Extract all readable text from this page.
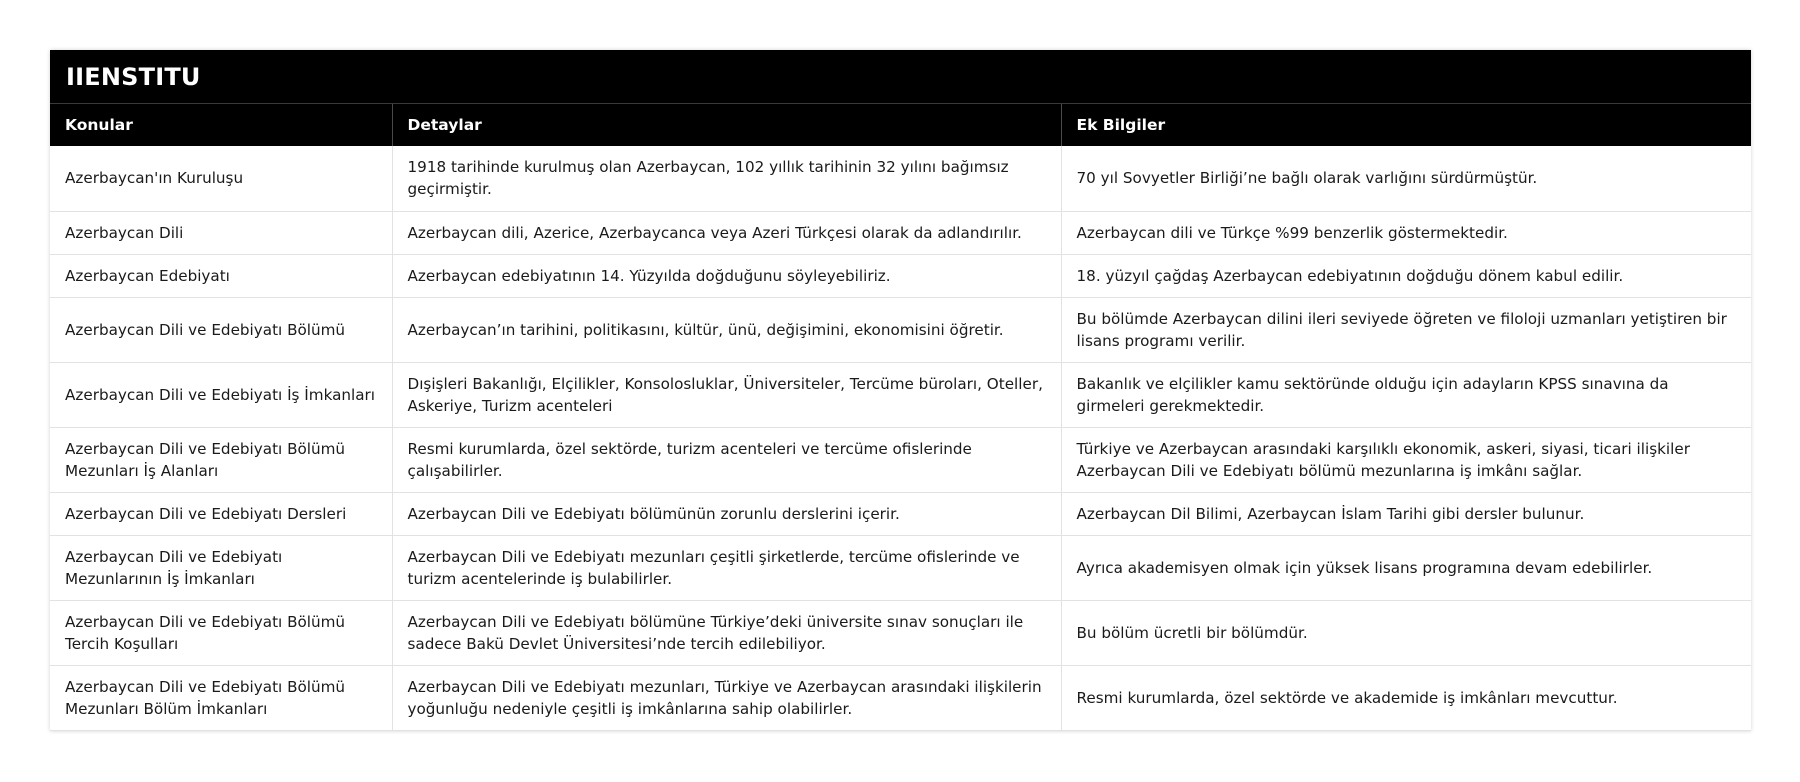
IIENSTITU
Konular	Detaylar	Ek Bilgiler
Azerbaycan'ın Kuruluşu	1918 tarihinde kurulmuş olan Azerbaycan, 102 yıllık tarihinin 32 yılını bağımsız geçirmiştir.	70 yıl Sovyetler Birliği’ne bağlı olarak varlığını sürdürmüştür.
Azerbaycan Dili	Azerbaycan dili, Azerice, Azerbaycanca veya Azeri Türkçesi olarak da adlandırılır.	Azerbaycan dili ve Türkçe %99 benzerlik göstermektedir.
Azerbaycan Edebiyatı	Azerbaycan edebiyatının 14. Yüzyılda doğduğunu söyleyebiliriz.	18. yüzyıl çağdaş Azerbaycan edebiyatının doğduğu dönem kabul edilir.
Azerbaycan Dili ve Edebiyatı Bölümü	Azerbaycan’ın tarihini, politikasını, kültür, ünü, değişimini, ekonomisini öğretir.	Bu bölümde Azerbaycan dilini ileri seviyede öğreten ve filoloji uzmanları yetiştiren bir lisans programı verilir.
Azerbaycan Dili ve Edebiyatı İş İmkanları	Dışişleri Bakanlığı, Elçilikler, Konsolosluklar, Üniversiteler, Tercüme büroları, Oteller, Askeriye, Turizm acenteleri	Bakanlık ve elçilikler kamu sektöründe olduğu için adayların KPSS sınavına da girmeleri gerekmektedir.
Azerbaycan Dili ve Edebiyatı Bölümü Mezunları İş Alanları	Resmi kurumlarda, özel sektörde, turizm acenteleri ve tercüme ofislerinde çalışabilirler.	Türkiye ve Azerbaycan arasındaki karşılıklı ekonomik, askeri, siyasi, ticari ilişkiler Azerbaycan Dili ve Edebiyatı bölümü mezunlarına iş imkânı sağlar.
Azerbaycan Dili ve Edebiyatı Dersleri	Azerbaycan Dili ve Edebiyatı bölümünün zorunlu derslerini içerir.	Azerbaycan Dil Bilimi, Azerbaycan İslam Tarihi gibi dersler bulunur.
Azerbaycan Dili ve Edebiyatı Mezunlarının İş İmkanları	Azerbaycan Dili ve Edebiyatı mezunları çeşitli şirketlerde, tercüme ofislerinde ve turizm acentelerinde iş bulabilirler.	Ayrıca akademisyen olmak için yüksek lisans programına devam edebilirler.
Azerbaycan Dili ve Edebiyatı Bölümü Tercih Koşulları	Azerbaycan Dili ve Edebiyatı bölümüne Türkiye’deki üniversite sınav sonuçları ile sadece Bakü Devlet Üniversitesi’nde tercih edilebiliyor.	Bu bölüm ücretli bir bölümdür.
Azerbaycan Dili ve Edebiyatı Bölümü Mezunları Bölüm İmkanları	Azerbaycan Dili ve Edebiyatı mezunları, Türkiye ve Azerbaycan arasındaki ilişkilerin yoğunluğu nedeniyle çeşitli iş imkânlarına sahip olabilirler.	Resmi kurumlarda, özel sektörde ve akademide iş imkânları mevcuttur.
